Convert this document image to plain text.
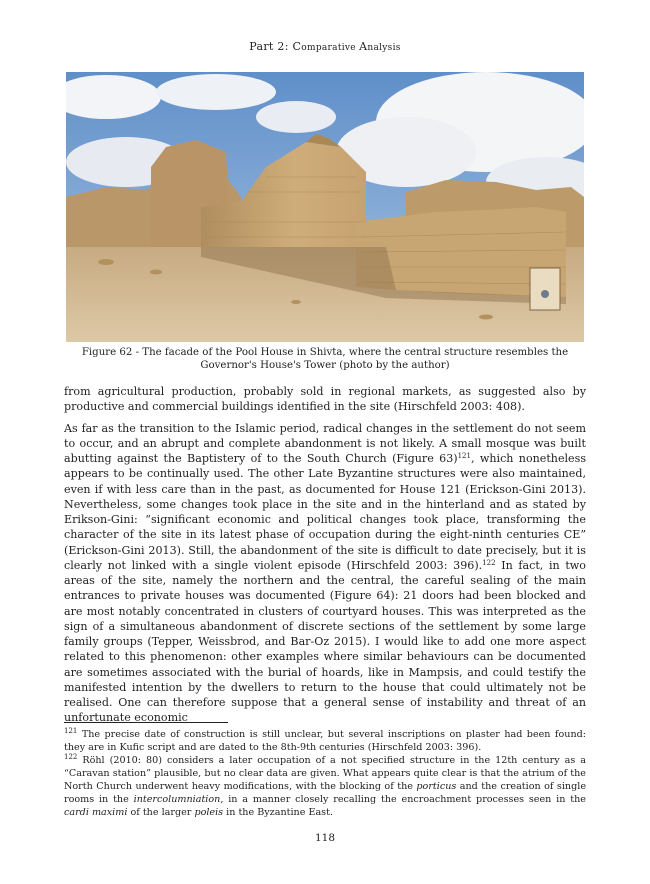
Part 2: Comparative Analysis
Figure 62 - The facade of the Pool House in Shivta, where the central structure resembles the Governor's House's Tower (photo by the author)

from agricultural production, probably sold in regional markets, as suggested also by productive and commercial buildings identified in the site (Hirschfeld 2003: 408).

As far as the transition to the Islamic period, radical changes in the settlement do not seem to occur, and an abrupt and complete abandonment is not likely. A small mosque was built abutting against the Baptistery of to the South Church (Figure 63)$^{121}$, which nonetheless appears to be continually used. The other Late Byzantine structures were also maintained, even if with less care than in the past, as documented for House 121 (Erickson-Gini 2013). Nevertheless, some changes took place in the site and in the hinterland and as stated by Erikson-Gini: “significant economic and political changes took place, transforming the character of the site in its latest phase of occupation during the eight-ninth centuries CE” (Erickson-Gini 2013). Still, the abandonment of the site is difficult to date precisely, but it is clearly not linked with a single violent episode (Hirschfeld 2003: 396).$^{122}$ In fact, in two areas of the site, namely the northern and the central, the careful sealing of the main entrances to private houses was documented (Figure 64): 21 doors had been blocked and are most notably concentrated in clusters of courtyard houses. This was interpreted as the sign of a simultaneous abandonment of discrete sections of the settlement by some large family groups (Tepper, Weissbrod, and Bar-Oz 2015). I would like to add one more aspect related to this phenomenon: other examples where similar behaviours can be documented are sometimes associated with the burial of hoards, like in Mampsis, and could testify the manifested intention by the dwellers to return to the house that could ultimately not be realised. One can therefore suppose that a general sense of instability and threat of an unfortunate economic

$^{121}$ The precise date of construction is still unclear, but several inscriptions on plaster had been found: they are in Kufic script and are dated to the 8th-9th centuries (Hirschfeld 2003: 396).

$^{122}$ Röhl (2010: 80) considers a later occupation of a not specified structure in the 12th century as a “Caravan station” plausible, but no clear data are given. What appears quite clear is that the atrium of the North Church underwent heavy modifications, with the blocking of the porticus and the creation of single rooms in the intercolumniation, in a manner closely recalling the encroachment processes seen in the cardi maximi of the larger poleis in the Byzantine East.

118
